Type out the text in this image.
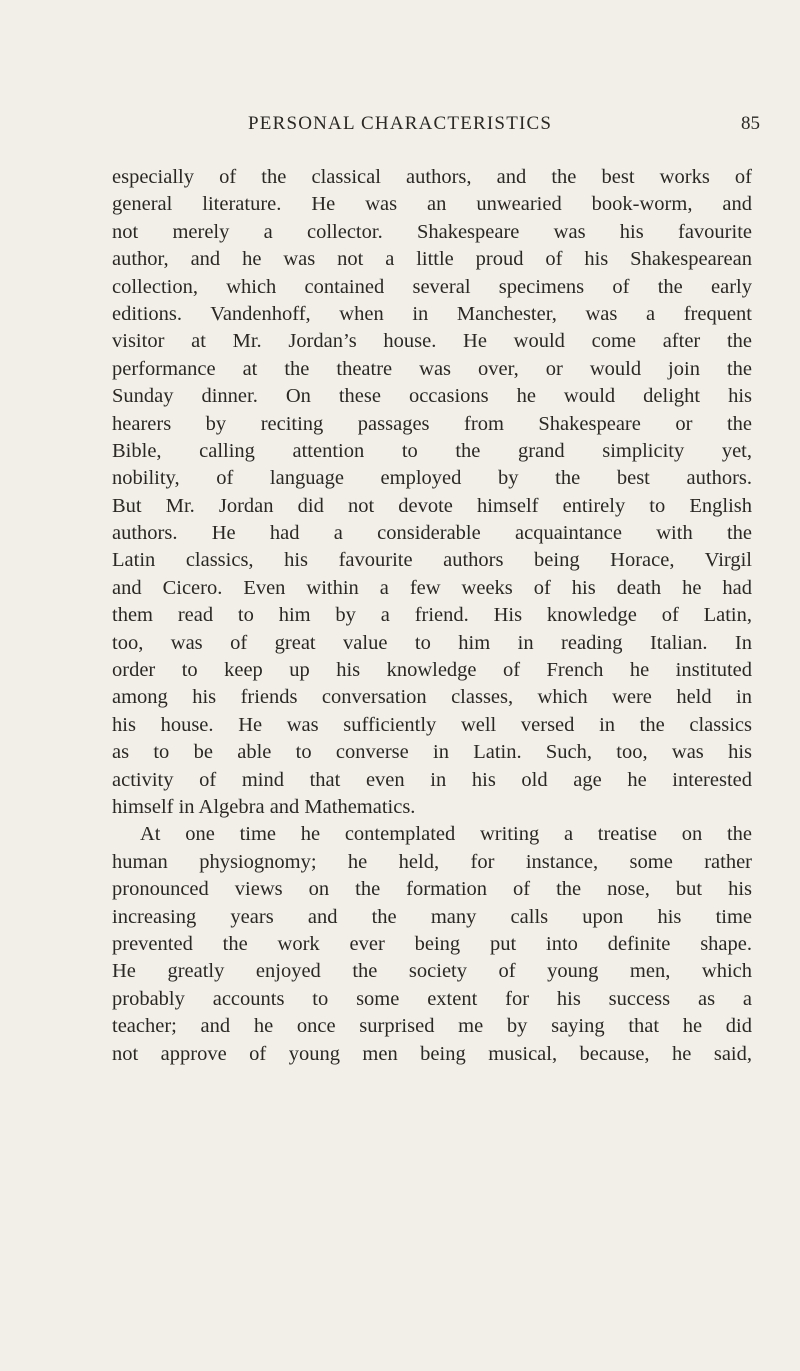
PERSONAL CHARACTERISTICS	85
especially of the classical authors, and the best works of
general literature. He was an unwearied book-worm, and
not merely a collector. Shakespeare was his favourite
author, and he was not a little proud of his Shakespearean
collection, which contained several specimens of the early
editions. Vandenhoff, when in Manchester, was a frequent
visitor at Mr. Jordan’s house. He would come after the
performance at the theatre was over, or would join the
Sunday dinner. On these occasions he would delight his
hearers by reciting passages from Shakespeare or the
Bible, calling attention to the grand simplicity yet,
nobility, of language employed by the best authors.
But Mr. Jordan did not devote himself entirely to English
authors. He had a considerable acquaintance with the
Latin classics, his favourite authors being Horace, Virgil
and Cicero. Even within a few weeks of his death he had
them read to him by a friend. His knowledge of Latin,
too, was of great value to him in reading Italian. In
order to keep up his knowledge of French he instituted
among his friends conversation classes, which were held in
his house. He was sufficiently well versed in the classics
as to be able to converse in Latin. Such, too, was his
activity of mind that even in his old age he interested
himself in Algebra and Mathematics.
At one time he contemplated writing a treatise on the
human physiognomy; he held, for instance, some rather
pronounced views on the formation of the nose, but his
increasing years and the many calls upon his time
prevented the work ever being put into definite shape.
He greatly enjoyed the society of young men, which
probably accounts to some extent for his success as a
teacher; and he once surprised me by saying that he did
not approve of young men being musical, because, he said,
